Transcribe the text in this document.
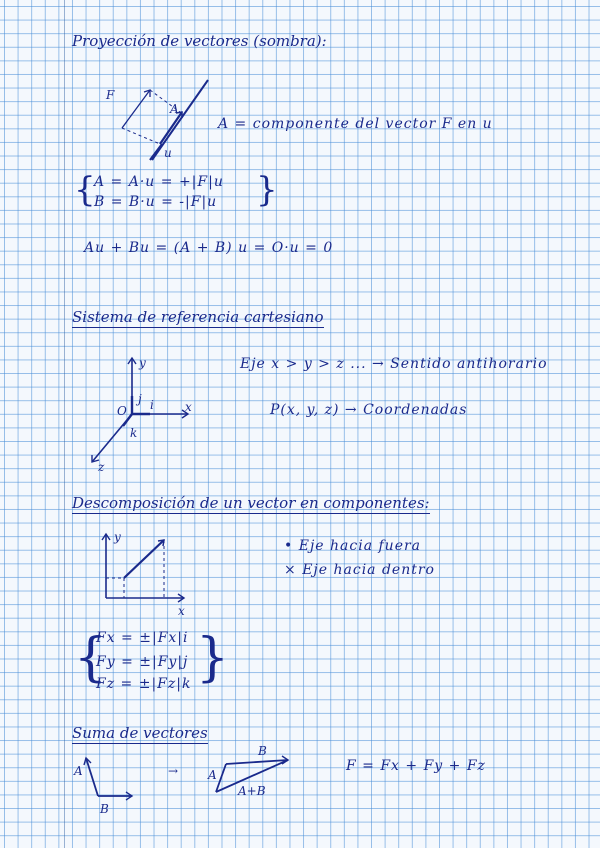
Proyección de vectores (sombra):
F
A
u
A = componente del vector F en u
{
A = A·u = +|F|u
B = B·u = -|F|u }
Au + Bu = (A + B) u = O·u = 0
Sistema de referencia cartesiano
y
x
z
O
j i
k
Eje x > y > z ... → Sentido antihorario
P(x, y, z) → Coordenadas
Descomposición de un vector en componentes:
y
x
• Eje hacia fuera
× Eje hacia dentro
{
Fx = ±|Fx|i
Fy = ±|Fy|j
Fz = ±|Fz|k }
Suma de vectores
A
B
→ A
B
A+B
F = Fx + Fy + Fz
